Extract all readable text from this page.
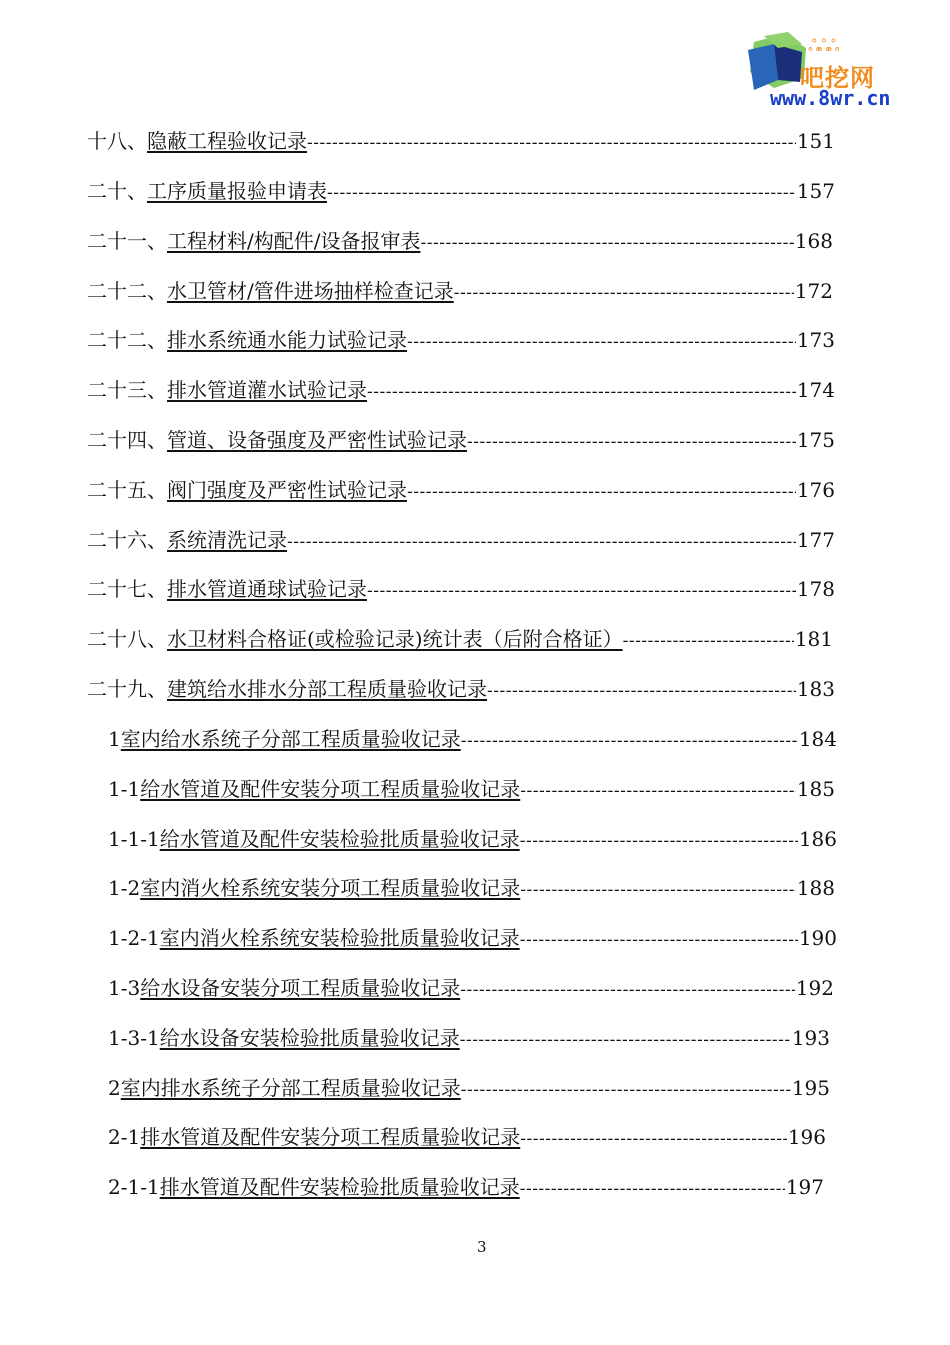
ஃஃஃ
吧挖网
www.8wr.cn
十八、 隐蔽工程验收记录 -----	151
二十、 工序质量报验申请表 -----	157
二十一、 工程材料/构配件/设备报审表 -----	168
二十二、 水卫管材/管件进场抽样检查记录 -----	172
二十二、 排水系统通水能力试验记录 -----	173
二十三、 排水管道灌水试验记录 -----	174
二十四、 管道、设备强度及严密性试验记录 -----	175
二十五、 阀门强度及严密性试验记录 -----	176
二十六、 系统清洗记录 -----	177
二十七、 排水管道通球试验记录 -----	178
二十八、 水卫材料合格证(或检验记录)统计表（后附合格证） -----	181
二十九、 建筑给水排水分部工程质量验收记录 -----	183
1 室内给水系统子分部工程质量验收记录 -----	184
1-1 给水管道及配件安装分项工程质量验收记录 -----	185
1-1-1 给水管道及配件安装检验批质量验收记录 -----	186
1-2 室内消火栓系统安装分项工程质量验收记录 -----	188
1-2-1 室内消火栓系统安装检验批质量验收记录 -----	190
1-3 给水设备安装分项工程质量验收记录 -----	192
1-3-1 给水设备安装检验批质量验收记录 -----	193
2 室内排水系统子分部工程质量验收记录 -----	195
2-1 排水管道及配件安装分项工程质量验收记录 -----	196
2-1-1 排水管道及配件安装检验批质量验收记录 -----	197
3
